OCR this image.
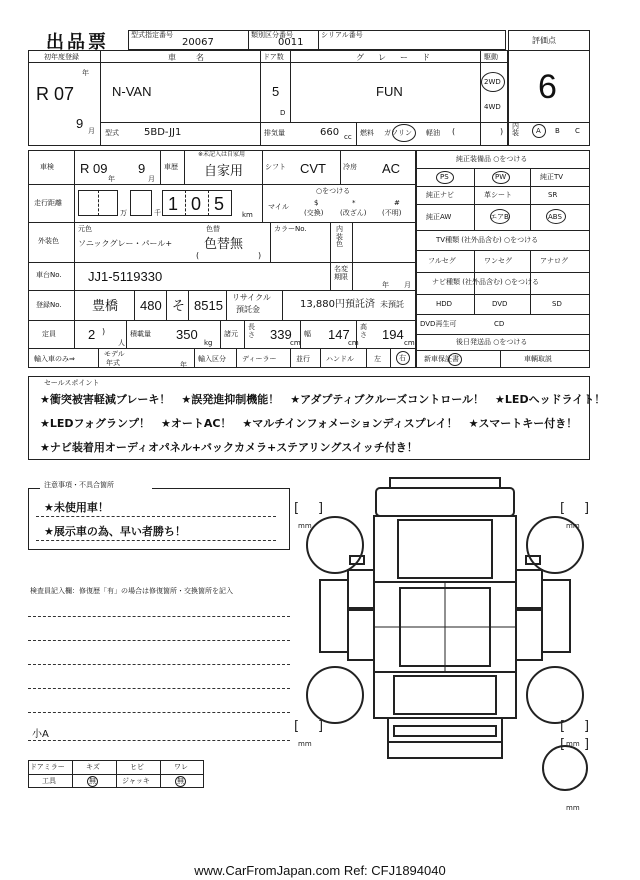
出品票	型式指定番号
20067
類別区分番号
0011
シリアル番号
評価点
6
初年度登録
年
R 07
9 月
車名
N-VAN
ドア数
5
D
グレード
FUN
駆動
2WD
4WD
型式	5BD-JJ1	排気量	660 cc 燃料 ガソリン 軽油 (	)
内装	A B C
車検 R 09
年
9
月
車歴
※未記入は自家用
自家用	シフト CVT 冷房 AC
走行距離
万	千 1 0 5
km
マイル
○をつける
$
(交換)
*
(改ざん)
#
(不明)
外装色
元色
ソニックグレー・パール+
色替
色替無
(	)
カラーNo.	内装色
車台No. JJ1-5119330	名変期限
年 月
登録No. 豊橋 480 そ 8515
リサイクル
預託金	13,880円預託済 未預託
定員 2 )
人
積載量 350
kg
諸元
長さ 339
cm
幅 147
cm
高さ 194
cm
輸入車のみ⇒
モデル
年式	年
輸入区分 ディーラー	並行 ハンドル	左	右
純正装備品 ○をつける
PS	PW	純正TV
純正ナビ	革シート	SR
純正AW	エアB	ABS
TV種類 (社外品含む) ○をつける
フルセグ	ワンセグ	アナログ
ナビ種類 (社外品含む) ○をつける
HDD	DVD	SD
DVD再生可	CD
後日発送品 ○をつける
新車保証書	車輌取説
セールスポイント
★衝突被害軽減ブレーキ！　★誤発進抑制機能！　★アダプティブクルーズコントロール！　★LEDヘッドライト！
★LEDフォグランプ！　★オートAC！　★マルチインフォメーションディスプレイ！　★スマートキー付き！
★ナビ装着用オーディオパネル+バックカメラ+ステアリングスイッチ付き！
注意事項・不具合箇所
★未使用車！
★展示車の為、早い者勝ち！
検査員記入欄：修復歴「有」の場合は修復箇所・交換箇所を記入
小A
ドアミラー	キズ	ヒビ	ワレ
工具	無	ジャッキ	無
[ ]	[ ]
[ ]	[ ]
[ ]
mm	mm
mm	mm
mm
www.CarFromJapan.com Ref: CFJ1894040
